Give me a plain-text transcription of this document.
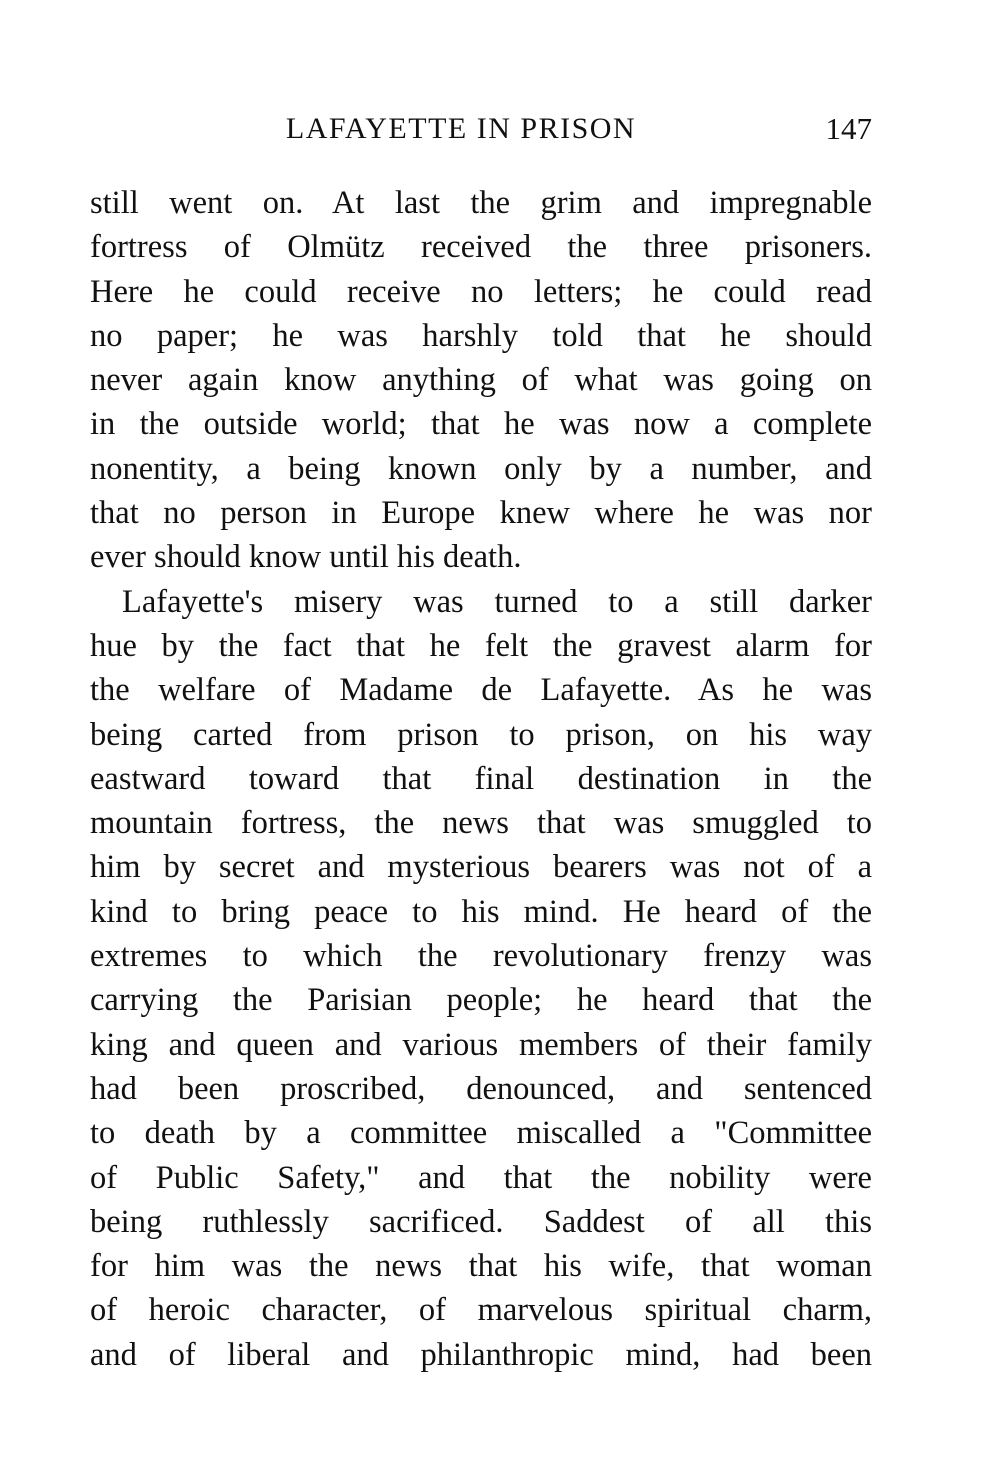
LAFAYETTE IN PRISON	147
still went on. At last the grim and impregnable
fortress of Olmütz received the three prisoners.
Here he could receive no letters; he could read
no paper; he was harshly told that he should
never again know anything of what was going on
in the outside world; that he was now a complete
nonentity, a being known only by a number, and
that no person in Europe knew where he was nor
ever should know until his death.
Lafayette's misery was turned to a still darker
hue by the fact that he felt the gravest alarm for
the welfare of Madame de Lafayette. As he was
being carted from prison to prison, on his way
eastward toward that final destination in the
mountain fortress, the news that was smuggled to
him by secret and mysterious bearers was not of a
kind to bring peace to his mind. He heard of the
extremes to which the revolutionary frenzy was
carrying the Parisian people; he heard that the
king and queen and various members of their family
had been proscribed, denounced, and sentenced
to death by a committee miscalled a "Committee
of Public Safety," and that the nobility were
being ruthlessly sacrificed. Saddest of all this
for him was the news that his wife, that woman
of heroic character, of marvelous spiritual charm,
and of liberal and philanthropic mind, had been
